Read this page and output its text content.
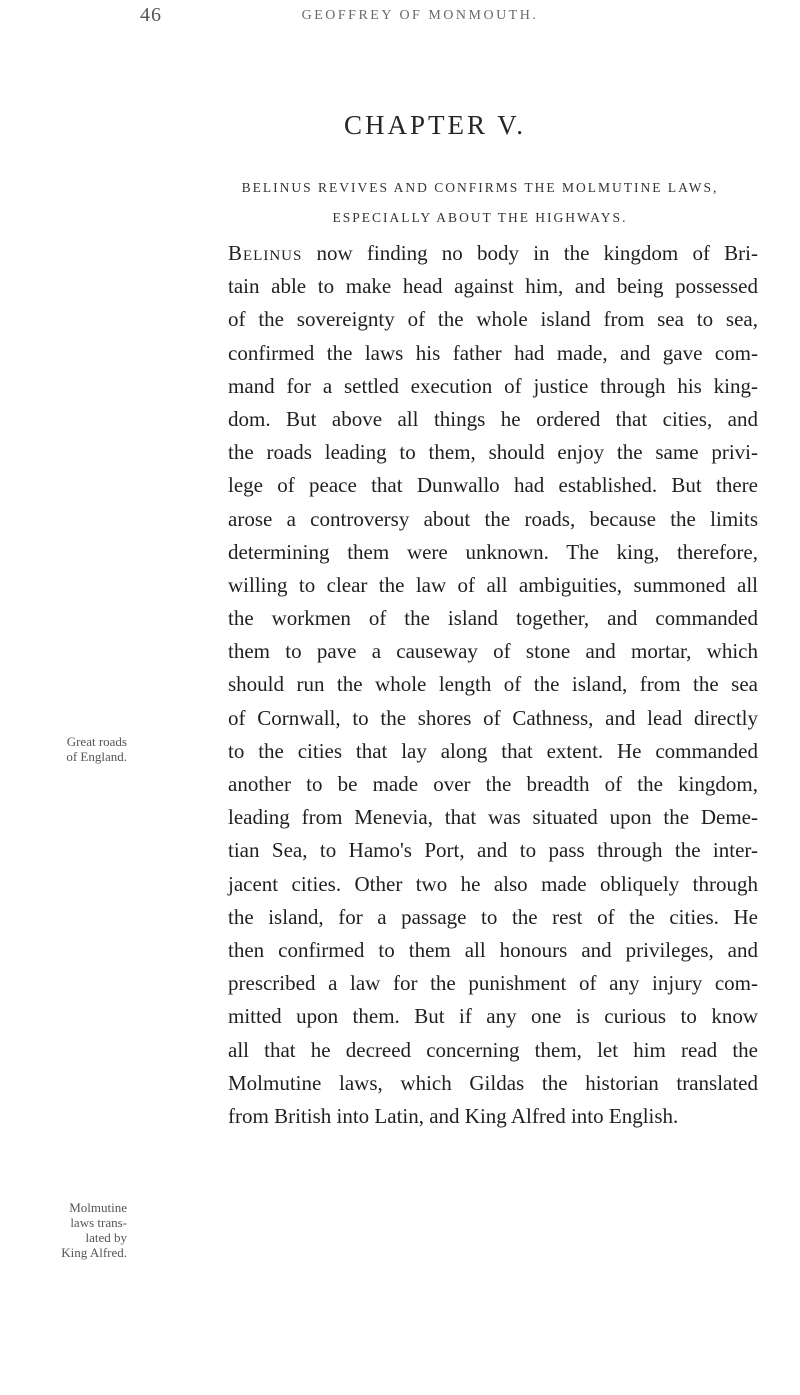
46	GEOFFREY OF MONMOUTH.
CHAPTER V.
BELINUS REVIVES AND CONFIRMS THE MOLMUTINE LAWS,
ESPECIALLY ABOUT THE HIGHWAYS.
Belinus now finding no body in the kingdom of Bri-
tain able to make head against him, and being possessed
of the sovereignty of the whole island from sea to sea,
confirmed the laws his father had made, and gave com-
mand for a settled execution of justice through his king-
dom. But above all things he ordered that cities, and
the roads leading to them, should enjoy the same privi-
lege of peace that Dunwallo had established. But there
arose a controversy about the roads, because the limits
determining them were unknown. The king, therefore,
willing to clear the law of all ambiguities, summoned all
the workmen of the island together, and commanded
them to pave a causeway of stone and mortar, which
should run the whole length of the island, from the sea
of Cornwall, to the shores of Cathness, and lead directly
to the cities that lay along that extent. He commanded
another to be made over the breadth of the kingdom,
leading from Menevia, that was situated upon the Deme-
tian Sea, to Hamo's Port, and to pass through the inter-
jacent cities. Other two he also made obliquely through
the island, for a passage to the rest of the cities. He
then confirmed to them all honours and privileges, and
prescribed a law for the punishment of any injury com-
mitted upon them. But if any one is curious to know
all that he decreed concerning them, let him read the
Molmutine laws, which Gildas the historian translated
from British into Latin, and King Alfred into English.
Great roads
of England.
Molmutine
laws trans-
lated by
King Alfred.
